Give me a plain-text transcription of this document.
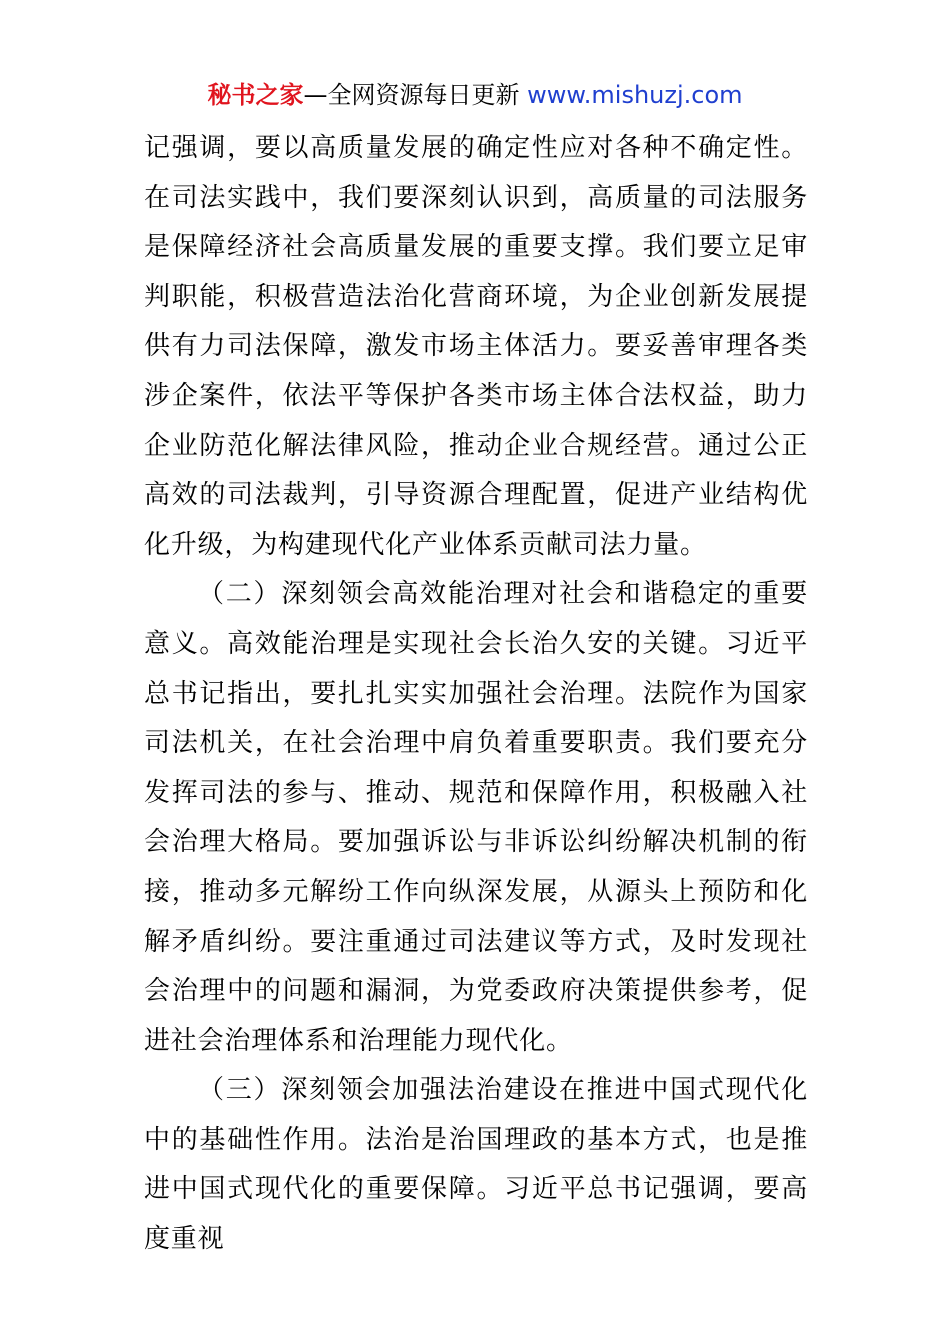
秘书之家—全网资源每日更新 www.mishuzj.com

记强调，要以高质量发展的确定性应对各种不确定性。在司法实践中，我们要深刻认识到，高质量的司法服务是保障经济社会高质量发展的重要支撑。我们要立足审判职能，积极营造法治化营商环境，为企业创新发展提供有力司法保障，激发市场主体活力。要妥善审理各类涉企案件，依法平等保护各类市场主体合法权益，助力企业防范化解法律风险，推动企业合规经营。通过公正高效的司法裁判，引导资源合理配置，促进产业结构优化升级，为构建现代化产业体系贡献司法力量。

（二）深刻领会高效能治理对社会和谐稳定的重要意义。高效能治理是实现社会长治久安的关键。习近平总书记指出，要扎扎实实加强社会治理。法院作为国家司法机关，在社会治理中肩负着重要职责。我们要充分发挥司法的参与、推动、规范和保障作用，积极融入社会治理大格局。要加强诉讼与非诉讼纠纷解决机制的衔接，推动多元解纷工作向纵深发展，从源头上预防和化解矛盾纠纷。要注重通过司法建议等方式，及时发现社会治理中的问题和漏洞，为党委政府决策提供参考，促进社会治理体系和治理能力现代化。

（三）深刻领会加强法治建设在推进中国式现代化中的基础性作用。法治是治国理政的基本方式，也是推进中国式现代化的重要保障。习近平总书记强调，要高度重视
